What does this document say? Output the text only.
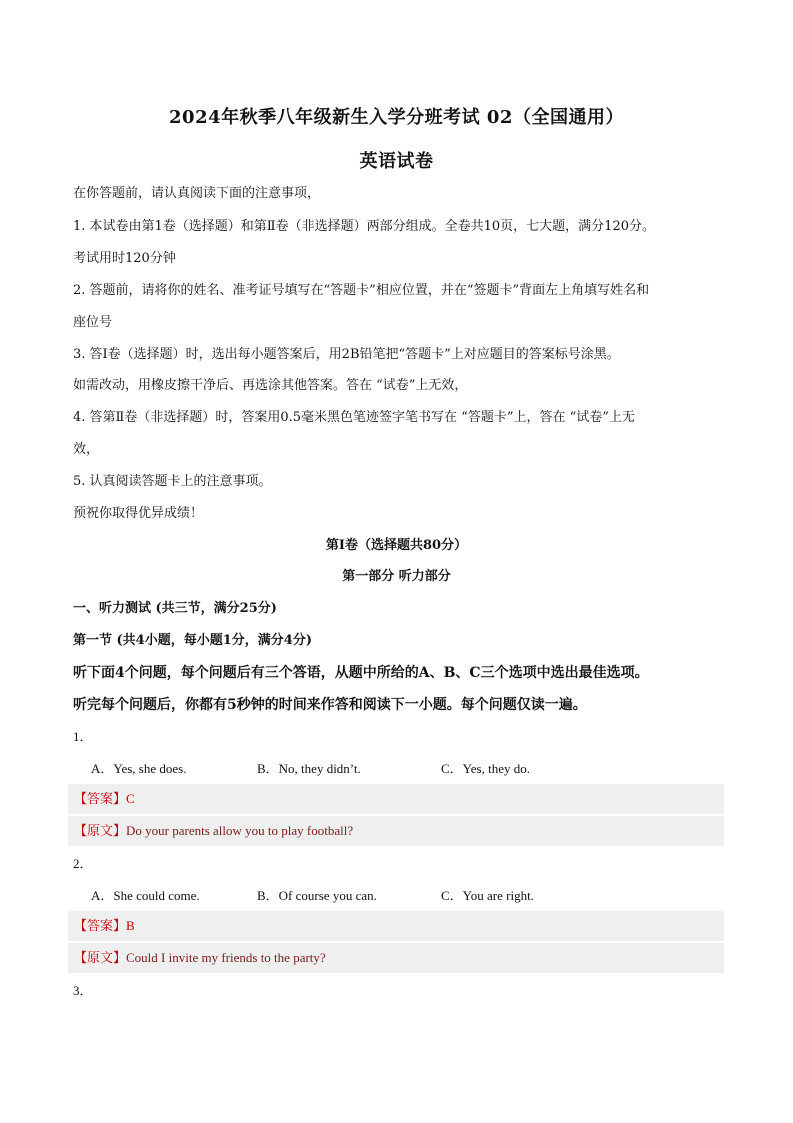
2024年秋季八年级新生入学分班考试 02（全国通用）
英语试卷
在你答题前，请认真阅读下面的注意事项，
1. 本试卷由第1卷（选择题）和第Ⅱ卷（非选择题）两部分组成。全卷共10页，七大题，满分120分。
考试用时120分钟
2. 答题前，请将你的姓名、准考证号填写在“答题卡”相应位置，并在“签题卡”背面左上角填写姓名和
座位号
3. 答Ⅰ卷（选择题）时，选出每小题答案后，用2B铅笔把“答题卡”上对应题目的答案标号涂黑。
如需改动，用橡皮擦干净后、再选涂其他答案。答在 “试卷”上无效，
4. 答第Ⅱ卷（非选择题）时，答案用0.5毫米黑色笔迹签字笔书写在 “答题卡”上，答在 “试卷”上无
效，
5. 认真阅读答题卡上的注意事项。
预祝你取得优异成绩！
第Ⅰ卷（选择题共80分）
第一部分 听力部分
一、听力测试 (共三节，满分25分)
第一节 (共4小题，每小题1分，满分4分)
听下面4个问题，每个问题后有三个答语，从题中所给的A、B、C三个选项中选出最佳选项。
听完每个问题后，你都有5秒钟的时间来作答和阅读下一小题。每个问题仅读一遍。
1．
A．Yes, she does.	B．No, they didn’t.	C．Yes, they do.
【答案】C
【原文】Do your parents allow you to play football?
2．
A．She could come.	B．Of course you can.	C．You are right.
【答案】B
【原文】Could I invite my friends to the party?
3．
